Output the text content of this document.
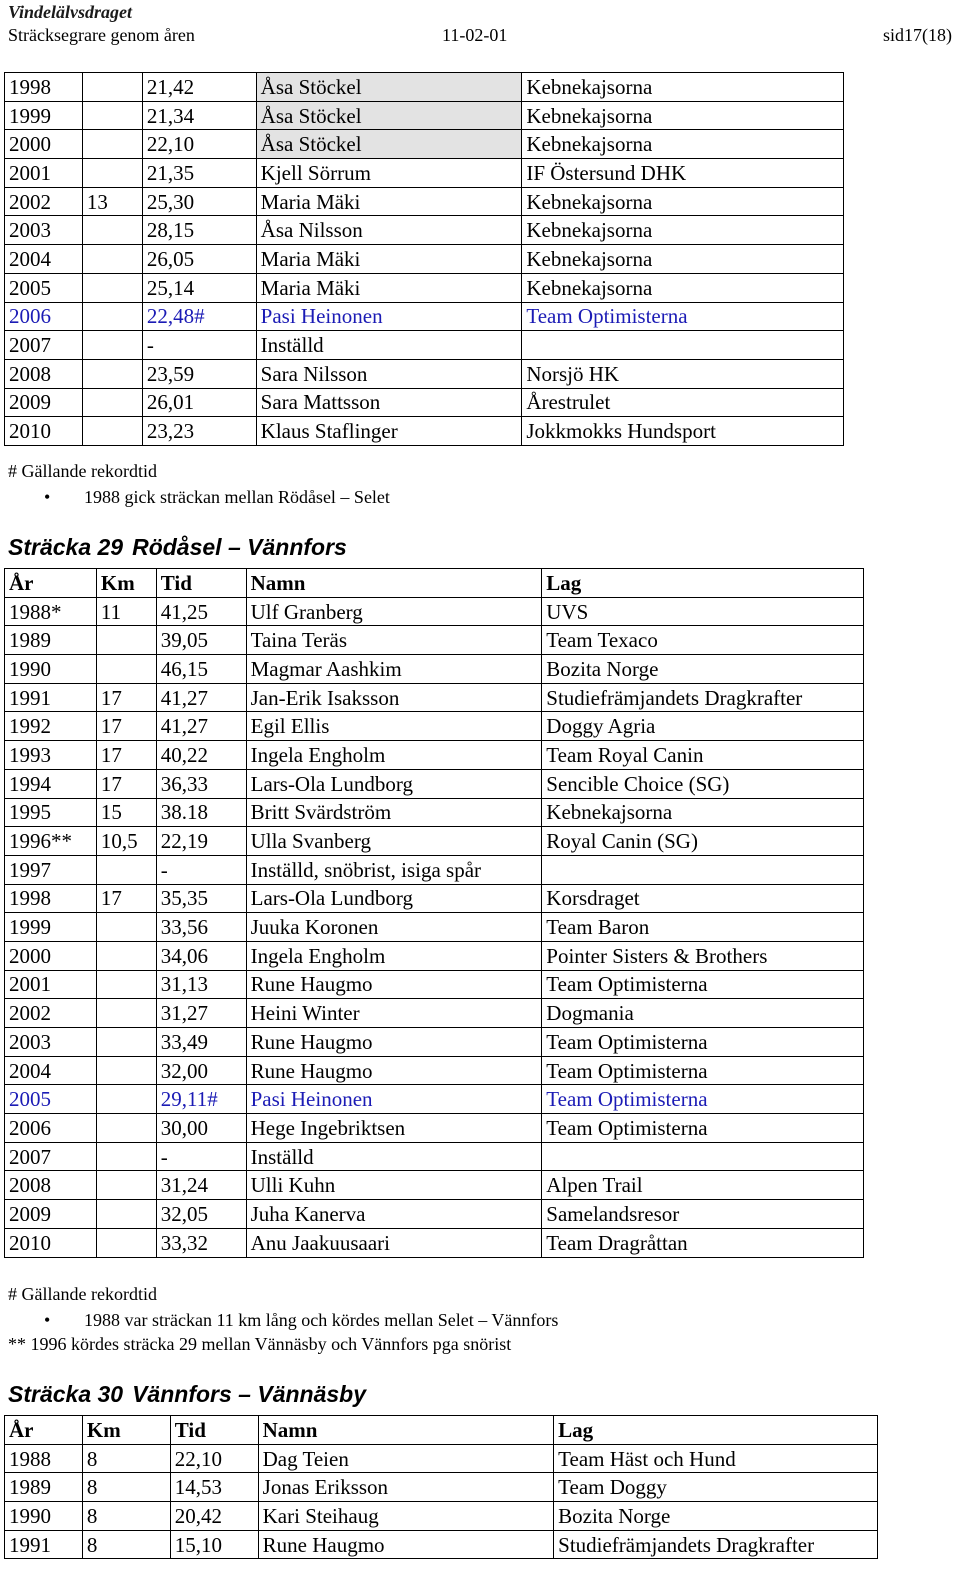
Vindelälvsdraget
Sträcksegrare genom åren	11-02-01	sid17(18)
1998		21,42	Åsa Stöckel	Kebnekajsorna
1999		21,34	Åsa Stöckel	Kebnekajsorna
2000		22,10	Åsa Stöckel	Kebnekajsorna
2001		21,35	Kjell Sörrum	IF Östersund DHK
2002	13	25,30	Maria Mäki	Kebnekajsorna
2003		28,15	Åsa Nilsson	Kebnekajsorna
2004		26,05	Maria Mäki	Kebnekajsorna
2005		25,14	Maria Mäki	Kebnekajsorna
2006		22,48#	Pasi Heinonen	Team Optimisterna
2007		-	Inställd	
2008		23,59	Sara Nilsson	Norsjö HK
2009		26,01	Sara Mattsson	Årestrulet
2010		23,23	Klaus Staflinger	Jokkmokks Hundsport
# Gällande rekordtid
• 1988 gick sträckan mellan Rödåsel – Selet
Sträcka 29 Rödåsel – Vännfors
År	Km	Tid	Namn	Lag
1988*	11	41,25	Ulf Granberg	UVS
1989		39,05	Taina Teräs	Team Texaco
1990		46,15	Magmar Aashkim	Bozita Norge
1991	17	41,27	Jan-Erik Isaksson	Studiefrämjandets Dragkrafter
1992	17	41,27	Egil Ellis	Doggy Agria
1993	17	40,22	Ingela Engholm	Team Royal Canin
1994	17	36,33	Lars-Ola Lundborg	Sencible Choice (SG)
1995	15	38.18	Britt Svärdström	Kebnekajsorna
1996**	10,5	22,19	Ulla Svanberg	Royal Canin (SG)
1997		-	Inställd, snöbrist, isiga spår	
1998	17	35,35	Lars-Ola Lundborg	Korsdraget
1999		33,56	Juuka Koronen	Team Baron
2000		34,06	Ingela Engholm	Pointer Sisters & Brothers
2001		31,13	Rune Haugmo	Team Optimisterna
2002		31,27	Heini Winter	Dogmania
2003		33,49	Rune Haugmo	Team Optimisterna
2004		32,00	Rune Haugmo	Team Optimisterna
2005		29,11#	Pasi Heinonen	Team Optimisterna
2006		30,00	Hege Ingebriktsen	Team Optimisterna
2007		-	Inställd	
2008		31,24	Ulli Kuhn	Alpen Trail
2009		32,05	Juha Kanerva	Samelandsresor
2010		33,32	Anu Jaakuusaari	Team Dragråttan
# Gällande rekordtid
• 1988 var sträckan 11 km lång och kördes mellan Selet – Vännfors
** 1996 kördes sträcka 29 mellan Vännäsby och Vännfors pga snörist
Sträcka 30 Vännfors – Vännäsby
År	Km	Tid	Namn	Lag
1988	8	22,10	Dag Teien	Team Häst och Hund
1989	8	14,53	Jonas Eriksson	Team Doggy
1990	8	20,42	Kari Steihaug	Bozita Norge
1991	8	15,10	Rune Haugmo	Studiefrämjandets Dragkrafter
